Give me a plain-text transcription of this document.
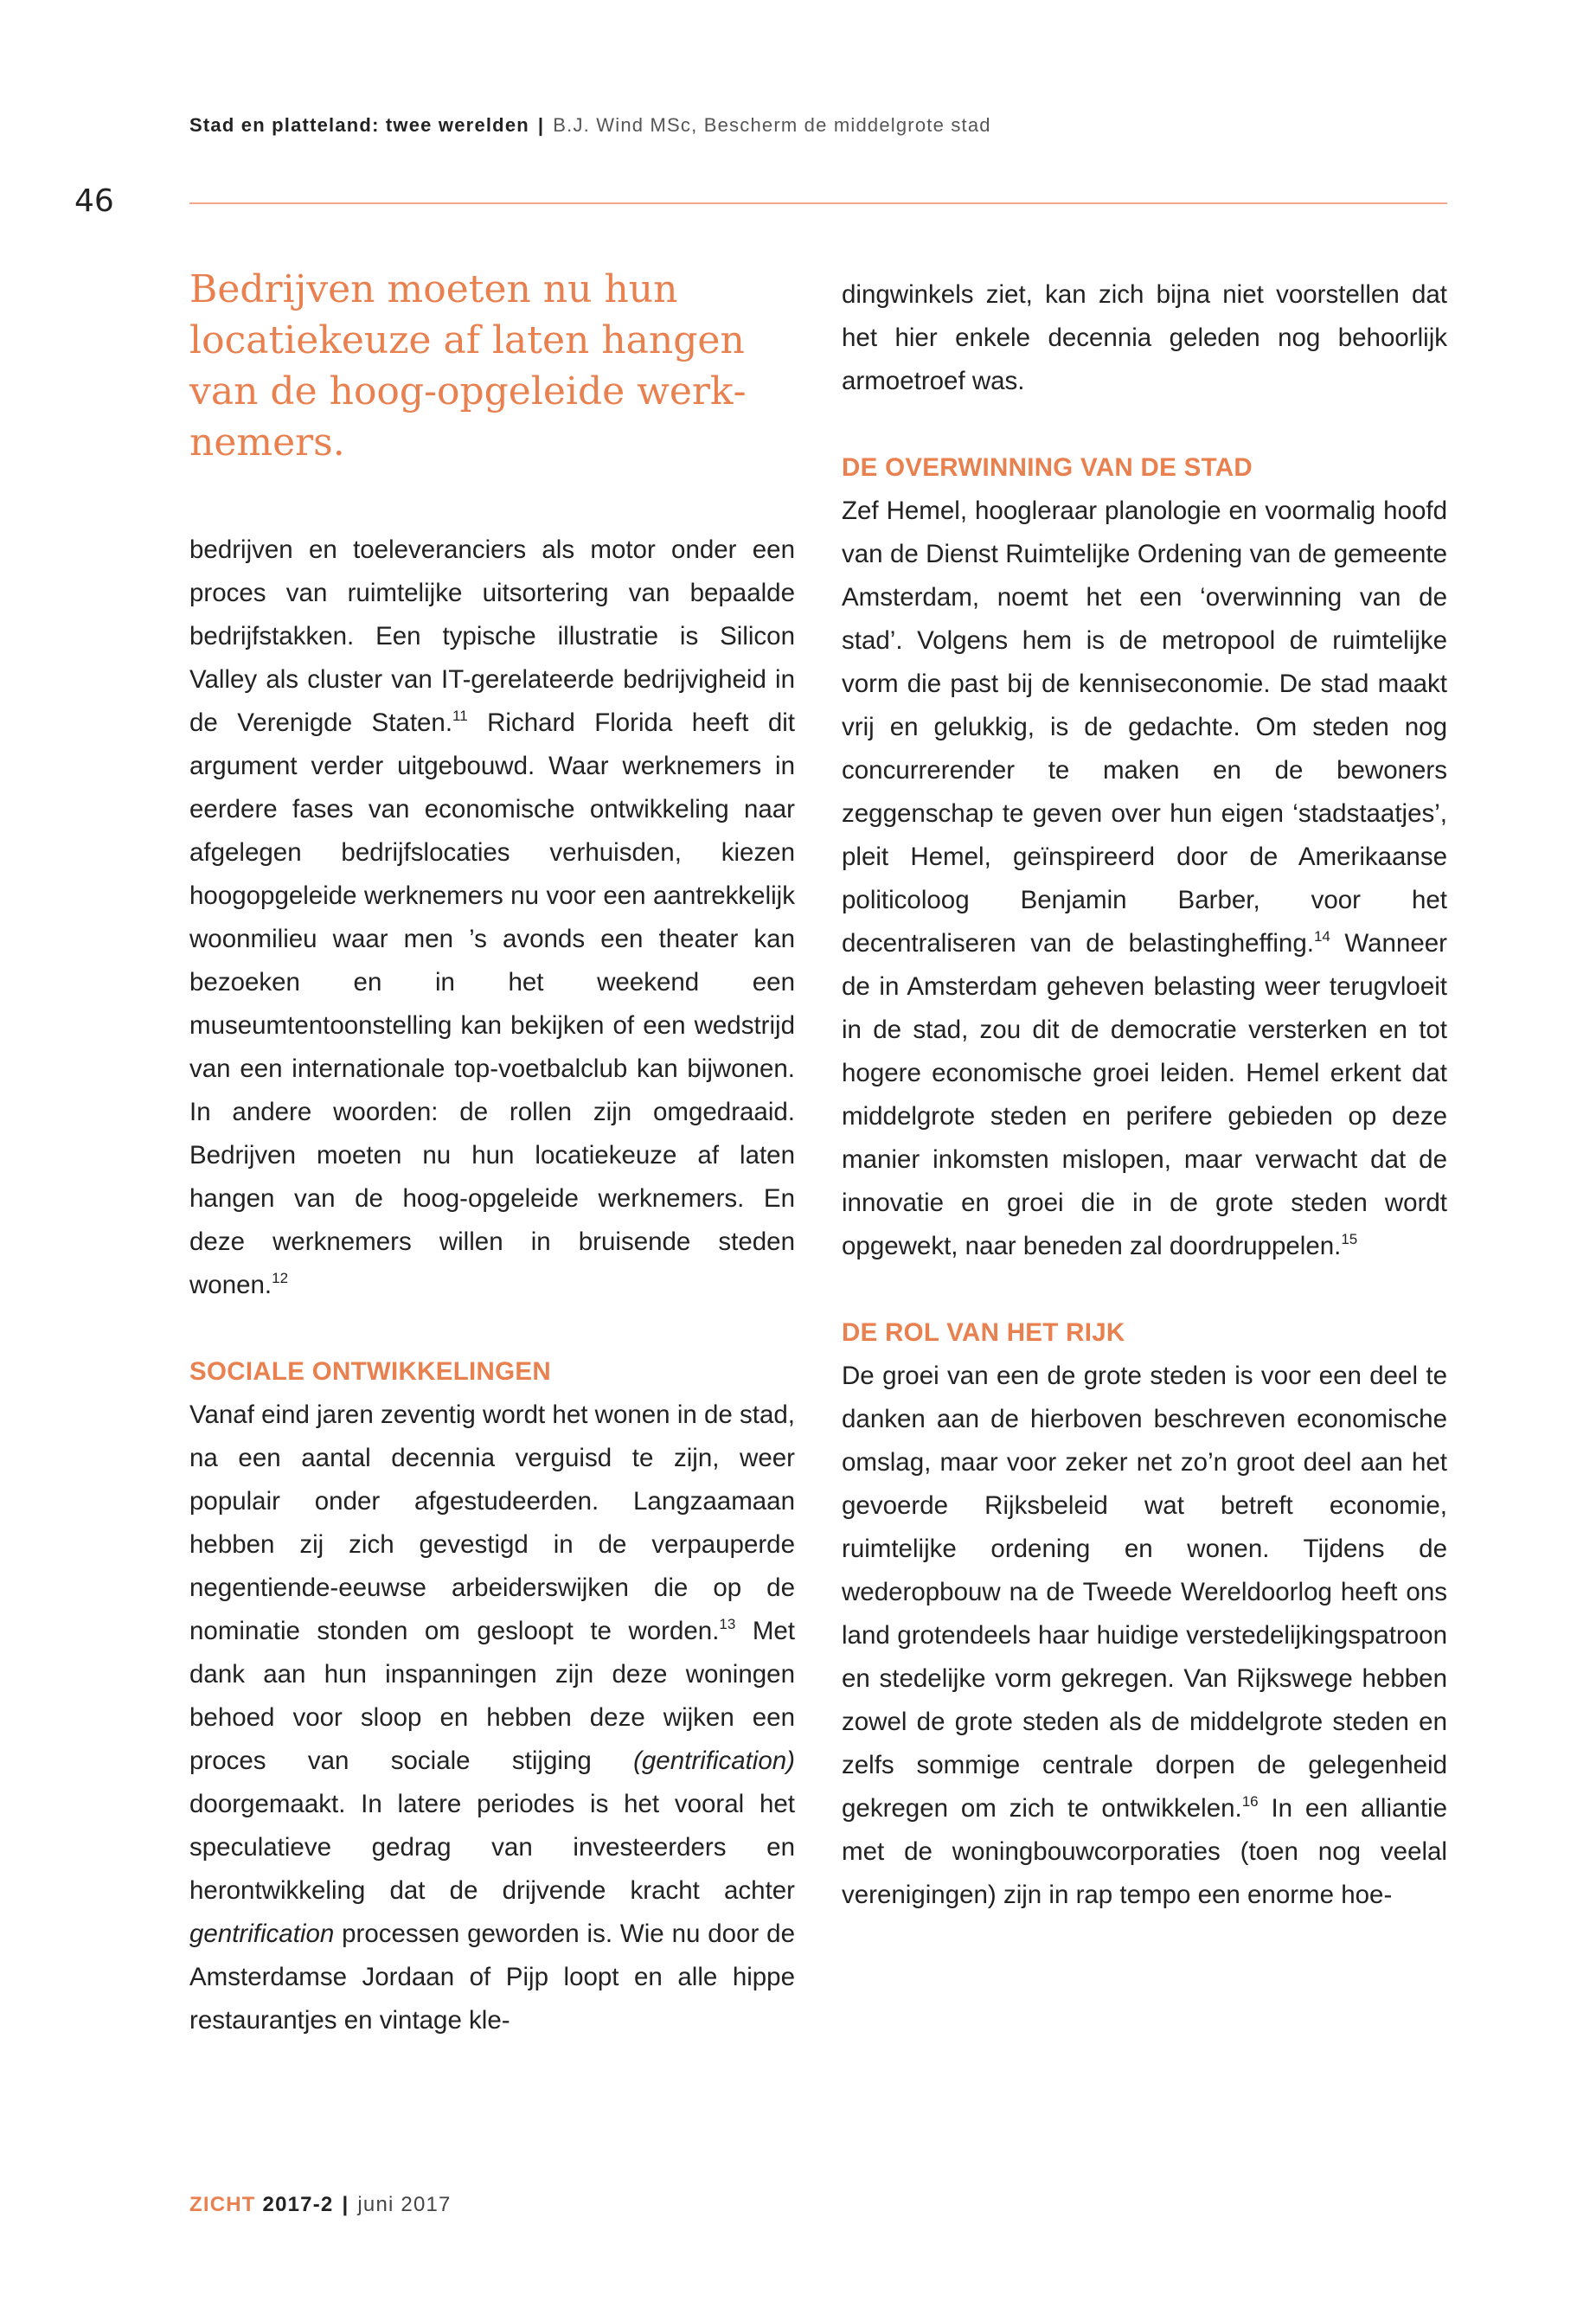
Stad en platteland: twee werelden | B.J. Wind MSc, Bescherm de middelgrote stad
46
Bedrijven moeten nu hun locatiekeuze af laten hangen van de hoog-opgeleide werknemers.

bedrijven en toeleveranciers als motor onder een proces van ruimtelijke uitsortering van bepaalde bedrijfstakken. Een typische illustratie is Silicon Valley als cluster van IT-gerelateerde bedrijvigheid in de Verenigde Staten.$^{11}$ Richard Florida heeft dit argument verder uitgebouwd. Waar werknemers in eerdere fases van economische ontwikkeling naar afgelegen bedrijfslocaties verhuisden, kiezen hoogopgeleide werknemers nu voor een aantrekkelijk woonmilieu waar men ’s avonds een theater kan bezoeken en in het weekend een museumtentoonstelling kan bekijken of een wedstrijd van een internationale top-voetbalclub kan bijwonen. In andere woorden: de rollen zijn omgedraaid. Bedrijven moeten nu hun locatiekeuze af laten hangen van de hoog-opgeleide werknemers. En deze werknemers willen in bruisende steden wonen.$^{12}$

SOCIALE ONTWIKKELINGEN

Vanaf eind jaren zeventig wordt het wonen in de stad, na een aantal decennia verguisd te zijn, weer populair onder afgestudeerden. Langzaamaan hebben zij zich gevestigd in de verpauperde negentiende-eeuwse arbeiderswijken die op de nominatie stonden om gesloopt te worden.$^{13}$ Met dank aan hun inspanningen zijn deze woningen behoed voor sloop en hebben deze wijken een proces van sociale stijging (gentrification) doorgemaakt. In latere periodes is het vooral het speculatieve gedrag van investeerders en herontwikkeling dat de drijvende kracht achter gentrification processen geworden is. Wie nu door de Amsterdamse Jordaan of Pijp loopt en alle hippe restaurantjes en vintage kle-

dingwinkels ziet, kan zich bijna niet voorstellen dat het hier enkele decennia geleden nog behoorlijk armoetroef was.

DE OVERWINNING VAN DE STAD

Zef Hemel, hoogleraar planologie en voormalig hoofd van de Dienst Ruimtelijke Ordening van de gemeente Amsterdam, noemt het een ‘overwinning van de stad’. Volgens hem is de metropool de ruimtelijke vorm die past bij de kenniseconomie. De stad maakt vrij en gelukkig, is de gedachte. Om steden nog concurrerender te maken en de bewoners zeggenschap te geven over hun eigen ‘stadstaatjes’, pleit Hemel, geïnspireerd door de Amerikaanse politicoloog Benjamin Barber, voor het decentraliseren van de belastingheffing.$^{14}$ Wanneer de in Amsterdam geheven belasting weer terugvloeit in de stad, zou dit de democratie versterken en tot hogere economische groei leiden. Hemel erkent dat middelgrote steden en perifere gebieden op deze manier inkomsten mislopen, maar verwacht dat de innovatie en groei die in de grote steden wordt opgewekt, naar beneden zal doordruppelen.$^{15}$

DE ROL VAN HET RIJK

De groei van een de grote steden is voor een deel te danken aan de hierboven beschreven economische omslag, maar voor zeker net zo’n groot deel aan het gevoerde Rijksbeleid wat betreft economie, ruimtelijke ordening en wonen. Tijdens de wederopbouw na de Tweede Wereldoorlog heeft ons land grotendeels haar huidige verstedelijkingspatroon en stedelijke vorm gekregen. Van Rijkswege hebben zowel de grote steden als de middelgrote steden en zelfs sommige centrale dorpen de gelegenheid gekregen om zich te ontwikkelen.$^{16}$ In een alliantie met de woningbouwcorporaties (toen nog veelal verenigingen) zijn in rap tempo een enorme hoe-

ZICHT 2017-2 | juni 2017
